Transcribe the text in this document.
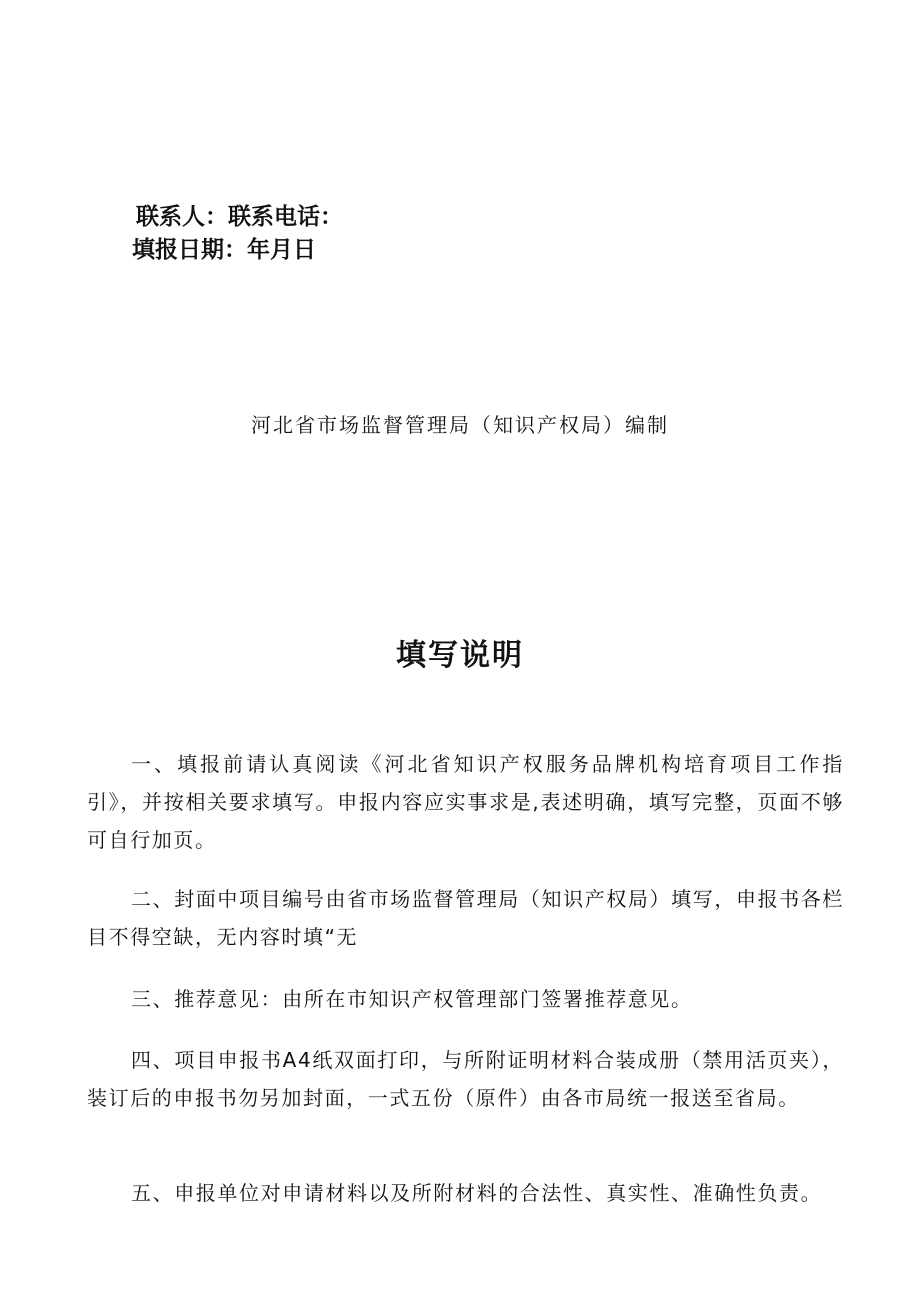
联系人：联系电话：
填报日期：年月日
河北省市场监督管理局（知识产权局）编制
填写说明

一、填报前请认真阅读《河北省知识产权服务品牌机构培育项目工作指引》，并按相关要求填写。申报内容应实事求是,表述明确，填写完整，页面不够可自行加页。

二、封面中项目编号由省市场监督管理局（知识产权局）填写，申报书各栏目不得空缺，无内容时填“无

三、推荐意见：由所在市知识产权管理部门签署推荐意见。

四、项目申报书A4纸双面打印，与所附证明材料合装成册（禁用活页夹），装订后的申报书勿另加封面，一式五份（原件）由各市局统一报送至省局。

五、申报单位对申请材料以及所附材料的合法性、真实性、准确性负责。
